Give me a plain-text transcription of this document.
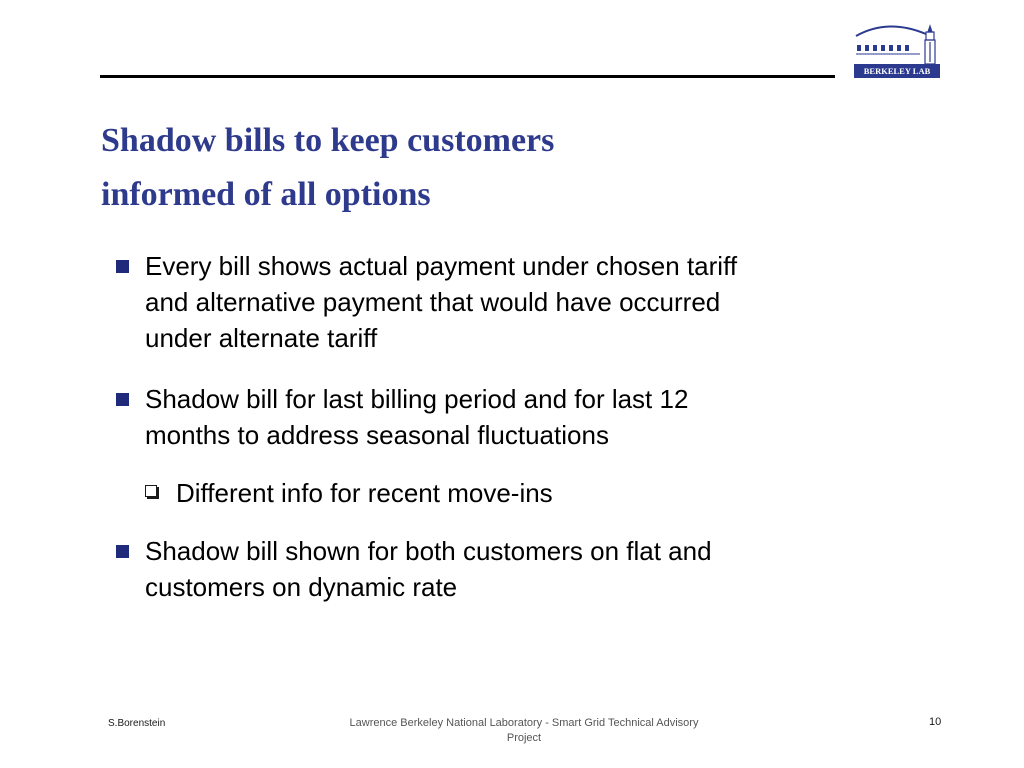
BERKELEY LAB
Shadow bills to keep customers
informed of all options
Every bill shows actual payment under chosen tariff
and alternative payment that would have occurred
under alternate tariff
Shadow bill for last billing period and for last 12
months to address seasonal fluctuations
Different info for recent move-ins
Shadow bill shown for both customers on flat and
customers on dynamic rate
S.Borenstein	Lawrence Berkeley National Laboratory - Smart Grid Technical Advisory
Project
10
